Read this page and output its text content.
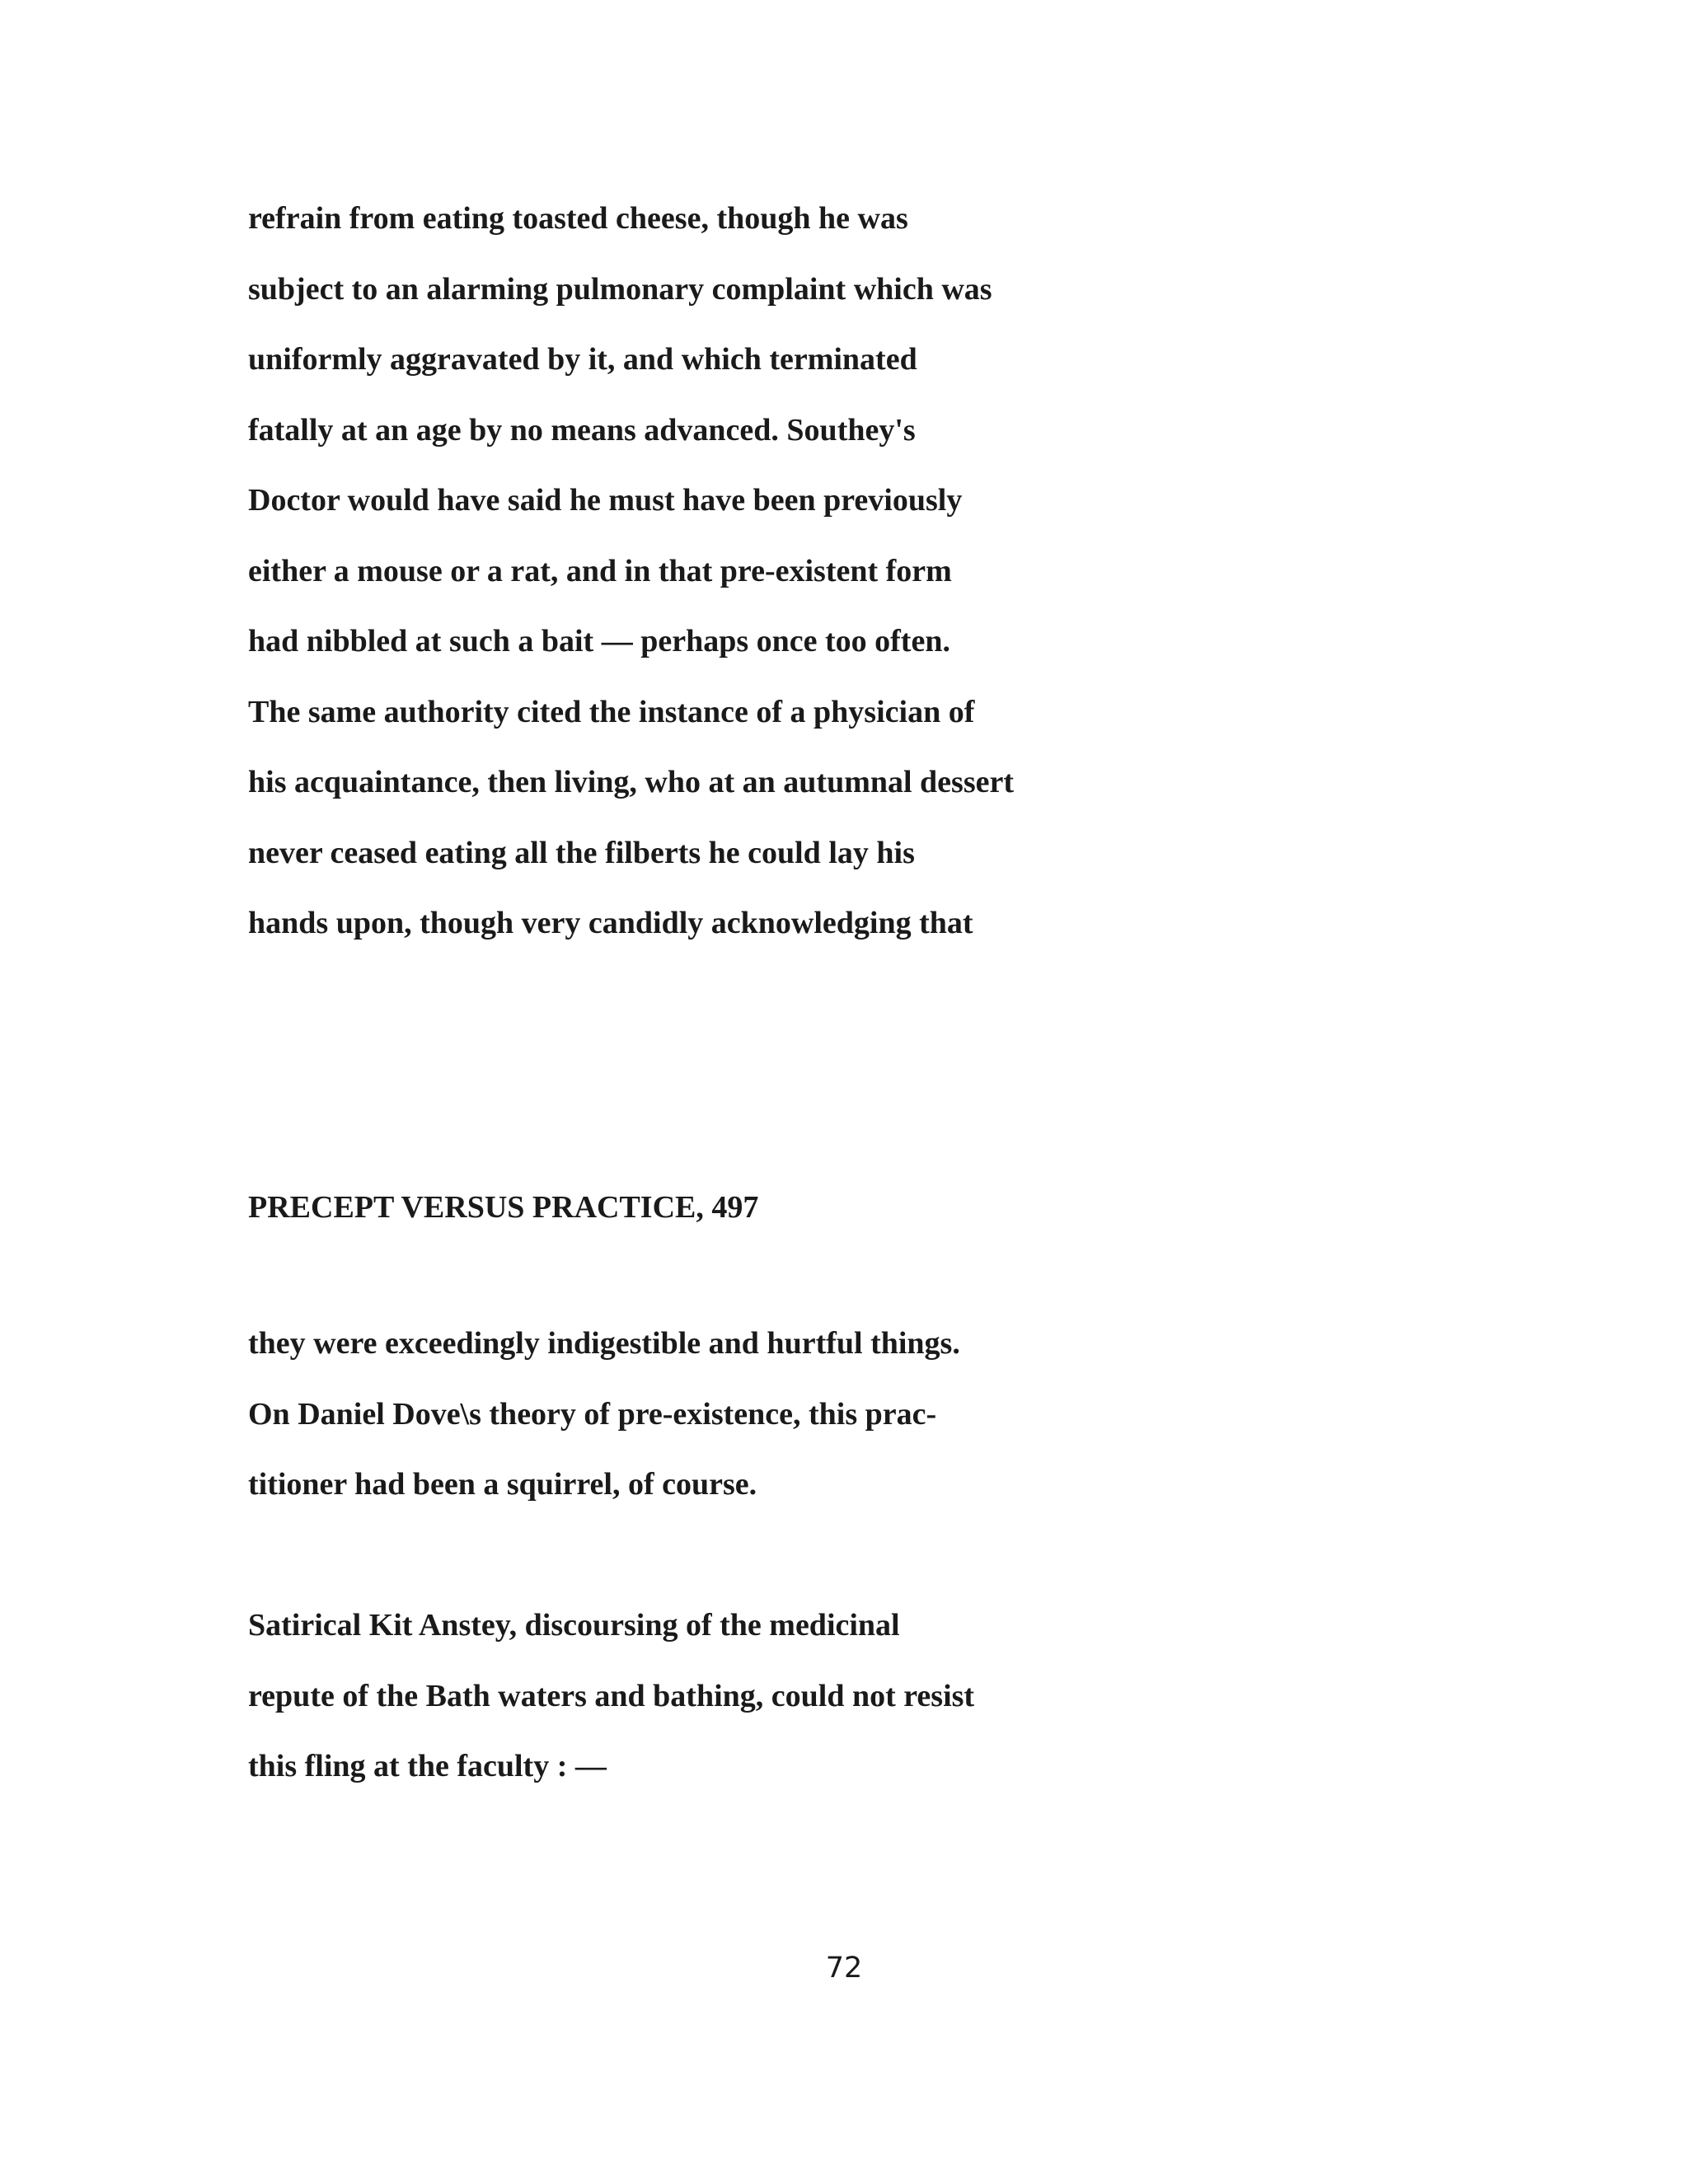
refrain from eating toasted cheese, though he was
subject to an alarming pulmonary complaint which was
uniformly aggravated by it, and which terminated
fatally at an age by no means advanced. Southey's
Doctor would have said he must have been previously
either a mouse or a rat, and in that pre-existent form
had nibbled at such a bait — perhaps once too often.
The same authority cited the instance of a physician of
his acquaintance, then living, who at an autumnal dessert
never ceased eating all the filberts he could lay his
hands upon, though very candidly acknowledging that
PRECEPT VERSUS PRACTICE, 497
they were exceedingly indigestible and hurtful things.
On Daniel Dove\s theory of pre-existence, this prac-
titioner had been a squirrel, of course.
Satirical Kit Anstey, discoursing of the medicinal
repute of the Bath waters and bathing, could not resist
this fling at the faculty : —
72
